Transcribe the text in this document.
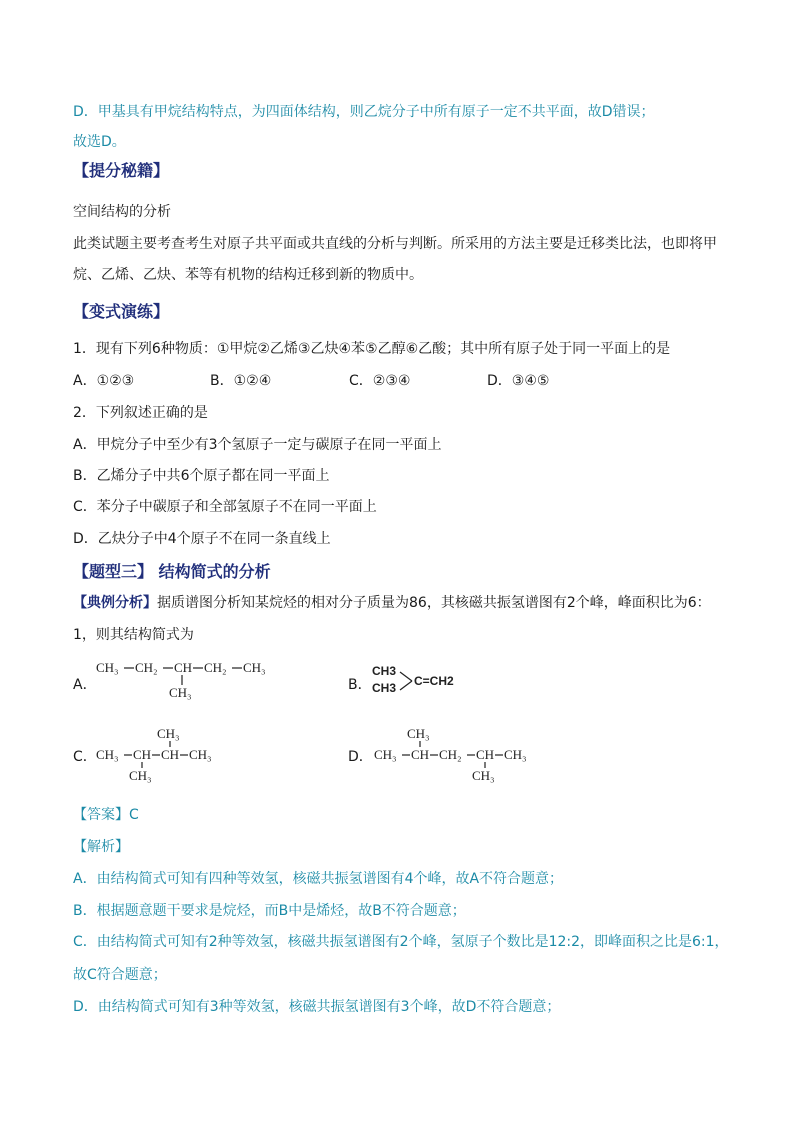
D．甲基具有甲烷结构特点，为四面体结构，则乙烷分子中所有原子一定不共平面，故D错误；
故选D。
【提分秘籍】
空间结构的分析
此类试题主要考查考生对原子共平面或共直线的分析与判断。所采用的方法主要是迁移类比法，也即将甲
烷、乙烯、乙炔、苯等有机物的结构迁移到新的物质中。
【变式演练】
1．现有下列6种物质：①甲烷②乙烯③乙炔④苯⑤乙醇⑥乙酸；其中所有原子处于同一平面上的是
A．①②③	B．①②④	C．②③④	D．③④⑤
2．下列叙述正确的是
A．甲烷分子中至少有3个氢原子一定与碳原子在同一平面上
B．乙烯分子中共6个原子都在同一平面上
C．苯分子中碳原子和全部氢原子不在同一平面上
D．乙炔分子中4个原子不在同一条直线上
【题型三】 结构简式的分析
【典例分析】据质谱图分析知某烷烃的相对分子质量为86，其核磁共振氢谱图有2个峰，峰面积比为6：
1，则其结构简式为
A．	B．
C．	D．
CH₃ CH₂ CH CH₂ CH₃
CH₃
CH3
CH3 C=CH2
CH₃ CH CH CH₃
CH₃
CH₃
CH₃ CH CH₂ CH CH₃
CH₃
CH₃
【答案】C
【解析】
A．由结构简式可知有四种等效氢，核磁共振氢谱图有4个峰，故A不符合题意；
B．根据题意题干要求是烷烃，而B中是烯烃，故B不符合题意；
C．由结构简式可知有2种等效氢，核磁共振氢谱图有2个峰，氢原子个数比是12:2，即峰面积之比是6:1，
故C符合题意；
D．由结构简式可知有3种等效氢，核磁共振氢谱图有3个峰，故D不符合题意；
